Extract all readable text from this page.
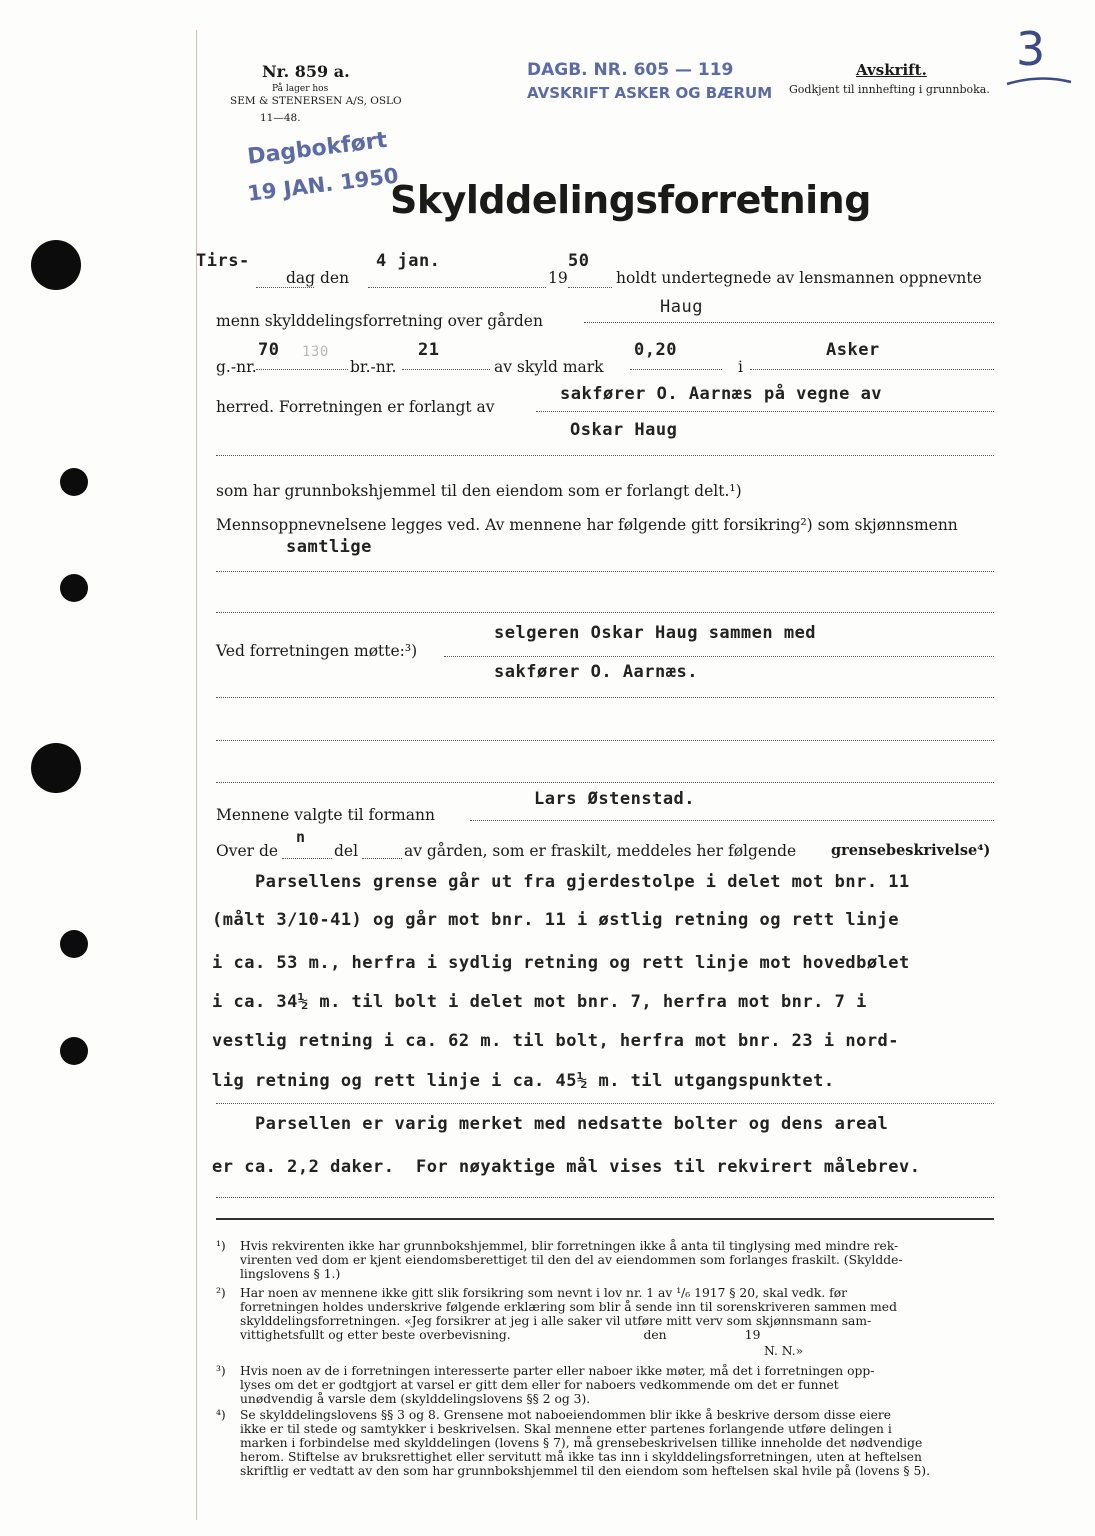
Nr. 859 a.
På lager hos
SEM & STENERSEN A/S, OSLO
11—48.
DAGB. NR. 605 — 119
AVSKRIFT ASKER OG BÆRUM
Avskrift.
Godkjent til innhefting i grunnboka.
3
Dagbokført
19 JAN. 1950
Skylddelingsforretning
Tirs-
dag den
4 jan.
19
50
holdt undertegnede av lensmannen oppnevnte
menn skylddelingsforretning over gården
Haug
g.-nr.
70 130
br.-nr.
21
av skyld mark
0,20
i
Asker
herred. Forretningen er forlangt av
sakfører O. Aarnæs på vegne av
Oskar Haug
som har grunnbokshjemmel til den eiendom som er forlangt delt.¹)
Mennsoppnevnelsene legges ved. Av mennene har følgende gitt forsikring²) som skjønnsmenn
samtlige
selgeren Oskar Haug sammen med
Ved forretningen møtte:³)
sakfører O. Aarnæs.
Lars Østenstad.
Mennene valgte til formann
Over de
n
del	av gården, som er fraskilt, meddeles her følgende grensebeskrivelse⁴)
Parsellens grense går ut fra gjerdestolpe i delet mot bnr. 11
(målt 3/10-41) og går mot bnr. 11 i østlig retning og rett linje
i ca. 53 m., herfra i sydlig retning og rett linje mot hovedbølet
i ca. 34½ m. til bolt i delet mot bnr. 7, herfra mot bnr. 7 i
vestlig retning i ca. 62 m. til bolt, herfra mot bnr. 23 i nord-
lig retning og rett linje i ca. 45½ m. til utgangspunktet.
Parsellen er varig merket med nedsatte bolter og dens areal
er ca. 2,2 daker.  For nøyaktige mål vises til rekvirert målebrev.
¹) Hvis rekvirenten ikke har grunnbokshjemmel, blir forretningen ikke å anta til tinglysing med mindre rek-
virenten ved dom er kjent eiendomsberettiget til den del av eiendommen som forlanges fraskilt. (Skyldde-
lingslovens § 1.)
²) Har noen av mennene ikke gitt slik forsikring som nevnt i lov nr. 1 av ¹/₆ 1917 § 20, skal vedk. før
forretningen holdes underskrive følgende erklæring som blir å sende inn til sorenskriveren sammen med
skylddelingsforretningen. «Jeg forsikrer at jeg i alle saker vil utføre mitt verv som skjønnsmann sam-
vittighetsfullt og etter beste overbevisning.                                  den                    19
N. N.»
³) Hvis noen av de i forretningen interesserte parter eller naboer ikke møter, må det i forretningen opp-
lyses om det er godtgjort at varsel er gitt dem eller for naboers vedkommende om det er funnet
unødvendig å varsle dem (skylddelingslovens §§ 2 og 3).
⁴) Se skylddelingslovens §§ 3 og 8. Grensene mot naboeiendommen blir ikke å beskrive dersom disse eiere
ikke er til stede og samtykker i beskrivelsen. Skal mennene etter partenes forlangende utføre delingen i
marken i forbindelse med skylddelingen (lovens § 7), må grensebeskrivelsen tillike inneholde det nødvendige
herom. Stiftelse av bruksrettighet eller servitutt må ikke tas inn i skylddelingsforretningen, uten at heftelsen
skriftlig er vedtatt av den som har grunnbokshjemmel til den eiendom som heftelsen skal hvile på (lovens § 5).
